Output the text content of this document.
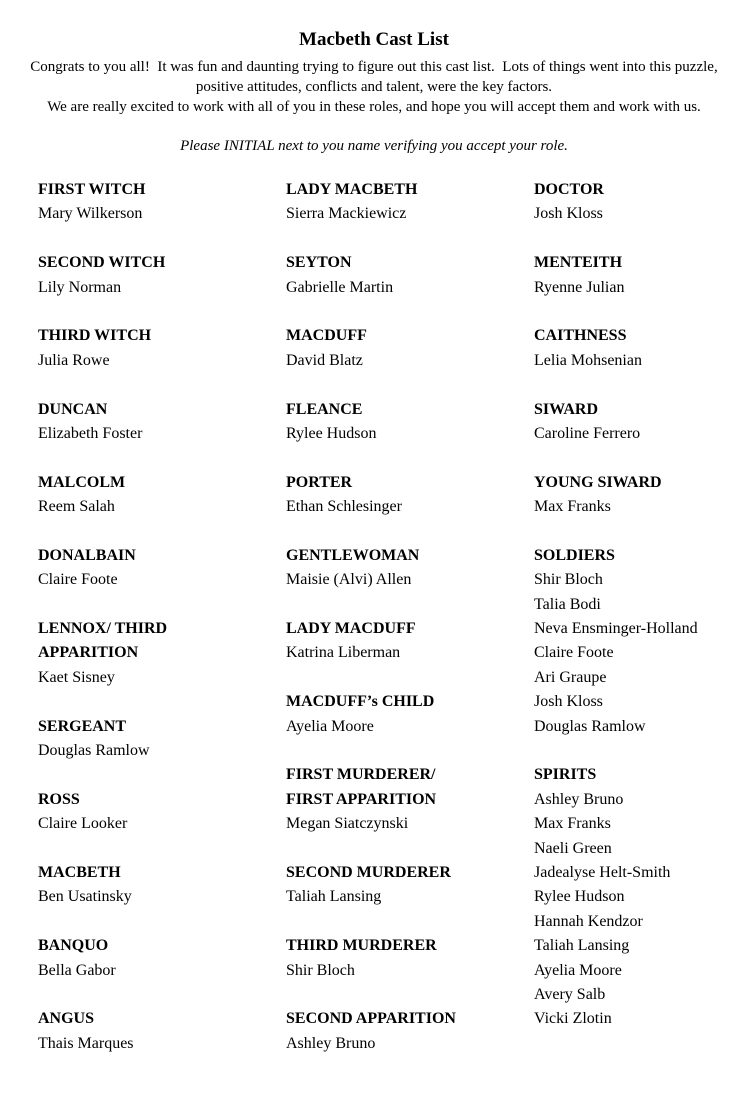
Macbeth Cast List
Congrats to you all!  It was fun and daunting trying to figure out this cast list.  Lots of things went into this puzzle,
positive attitudes, conflicts and talent, were the key factors.
We are really excited to work with all of you in these roles, and hope you will accept them and work with us.
Please INITIAL next to you name verifying you accept your role.
FIRST WITCH
Mary Wilkerson
SECOND WITCH
Lily Norman
THIRD WITCH
Julia Rowe
DUNCAN
Elizabeth Foster
MALCOLM
Reem Salah
DONALBAIN
Claire Foote
LENNOX/ THIRD
APPARITION
Kaet Sisney
SERGEANT
Douglas Ramlow
ROSS
Claire Looker
MACBETH
Ben Usatinsky
BANQUO
Bella Gabor
ANGUS
Thais Marques
LADY MACBETH
Sierra Mackiewicz
SEYTON
Gabrielle Martin
MACDUFF
David Blatz
FLEANCE
Rylee Hudson
PORTER
Ethan Schlesinger
GENTLEWOMAN
Maisie (Alvi) Allen
LADY MACDUFF
Katrina Liberman
MACDUFF’s CHILD
Ayelia Moore
FIRST MURDERER/
FIRST APPARITION
Megan Siatczynski
SECOND MURDERER
Taliah Lansing
THIRD MURDERER
Shir Bloch
SECOND APPARITION
Ashley Bruno
DOCTOR
Josh Kloss
MENTEITH
Ryenne Julian
CAITHNESS
Lelia Mohsenian
SIWARD
Caroline Ferrero
YOUNG SIWARD
Max Franks
SOLDIERS
Shir Bloch
Talia Bodi
Neva Ensminger-Holland
Claire Foote
Ari Graupe
Josh Kloss
Douglas Ramlow
SPIRITS
Ashley Bruno
Max Franks
Naeli Green
Jadealyse Helt-Smith
Rylee Hudson
Hannah Kendzor
Taliah Lansing
Ayelia Moore
Avery Salb
Vicki Zlotin
